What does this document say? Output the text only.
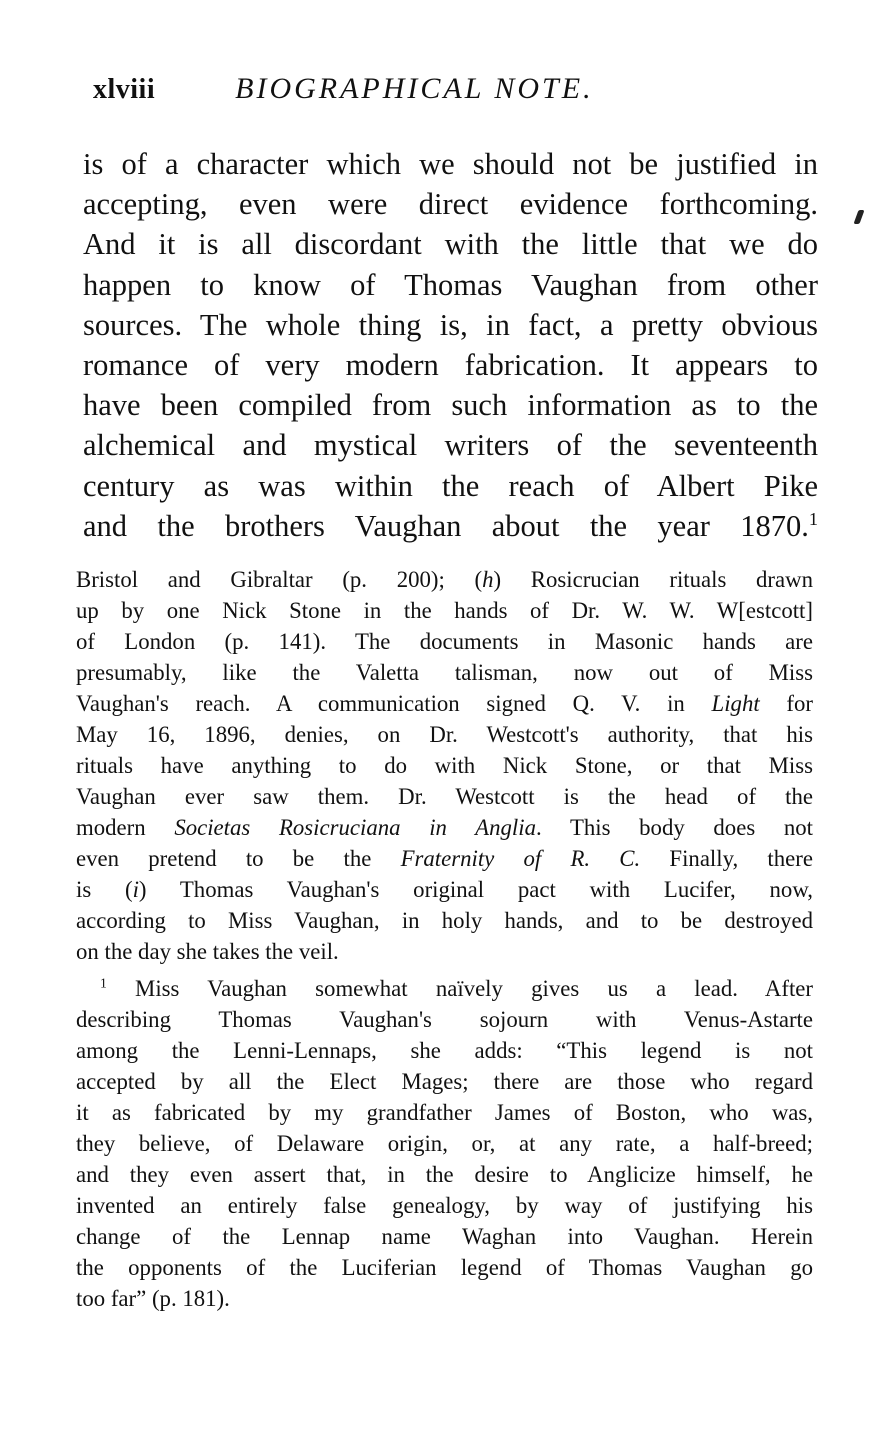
xlviii	BIOGRAPHICAL NOTE.
is of a character which we should not be justified in
accepting, even were direct evidence forthcoming.
And it is all discordant with the little that we do
happen to know of Thomas Vaughan from other
sources. The whole thing is, in fact, a pretty obvious
romance of very modern fabrication. It appears to
have been compiled from such information as to the
alchemical and mystical writers of the seventeenth
century as was within the reach of Albert Pike
and the brothers Vaughan about the year 1870.$^1$
Bristol and Gibraltar (p. 200); (h) Rosicrucian rituals drawn
up by one Nick Stone in the hands of Dr. W. W. W[estcott]
of London (p. 141). The documents in Masonic hands are
presumably, like the Valetta talisman, now out of Miss
Vaughan's reach. A communication signed Q. V. in Light for
May 16, 1896, denies, on Dr. Westcott's authority, that his
rituals have anything to do with Nick Stone, or that Miss
Vaughan ever saw them. Dr. Westcott is the head of the
modern Societas Rosicruciana in Anglia. This body does not
even pretend to be the Fraternity of R. C. Finally, there
is (i) Thomas Vaughan's original pact with Lucifer, now,
according to Miss Vaughan, in holy hands, and to be destroyed
on the day she takes the veil.
$^1$ Miss Vaughan somewhat naïvely gives us a lead. After
describing Thomas Vaughan's sojourn with Venus-Astarte
among the Lenni-Lennaps, she adds: “This legend is not
accepted by all the Elect Mages; there are those who regard
it as fabricated by my grandfather James of Boston, who was,
they believe, of Delaware origin, or, at any rate, a half-breed;
and they even assert that, in the desire to Anglicize himself, he
invented an entirely false genealogy, by way of justifying his
change of the Lennap name Waghan into Vaughan. Herein
the opponents of the Luciferian legend of Thomas Vaughan go
too far” (p. 181).
